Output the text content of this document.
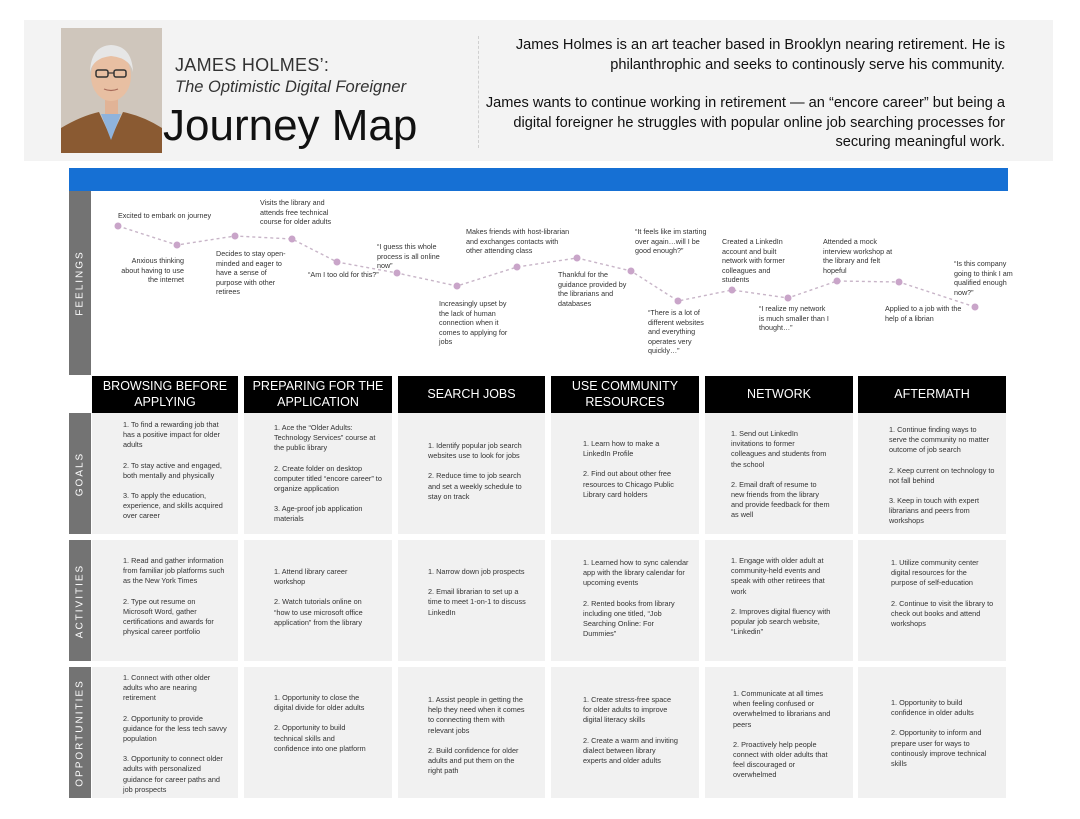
JAMES HOLMES’:
The Optimistic Digital Foreigner
Journey Map

James Holmes is an art teacher based in Brooklyn nearing retirement. He is philanthrophic and seeks to continously serve his community.

James wants to continue working in retirement — an “encore career” but being a digital foreigner he struggles with popular online job searching processes for securing meaningful work.

FEELINGS
GOALS
ACTIVITIES
OPPORTUNITIES
Excited to embark on journey
Anxious thinking about having to use the internet
Decides to stay open-minded and eager to have a sense of purpose with other retirees
Visits the library and attends free technical course for older adults
“Am I too old for this?”
“I guess this whole process is all online now”
Increasingly upset by the lack of human connection when it comes to applying for jobs
Makes friends with host-librarian and exchanges contacts with other attending class
Thankful for the guidance provided by the librarians and databases
“It feels like im starting over again…will I be good enough?”
“There is a lot of different websites and everything operates very quickly…”
Created a LinkedIn account and built network with former colleagues and students
“I realize my network is much smaller than I thought…”
Attended a mock interview workshop at the library and felt hopeful
Applied to a job with the help of a librian
“Is this company going to think I am qualified enough now?”
BROWSING BEFORE APPLYING
PREPARING FOR THE APPLICATION
SEARCH JOBS
USE COMMUNITY RESOURCES
NETWORK	AFTERMATH

1. To find a rewarding job that has a positive impact for older adults

2. To stay active and engaged, both mentally and physically

3. To apply the education, experience, and skills acquired over career

1. Ace the “Older Adults: Technology Services” course at the public library

2. Create folder on desktop computer titled “encore career” to organize application

3. Age-proof job application materials

1. Identify popular job search websites use to look for jobs

2. Reduce time to job search and set a weekly schedule to stay on track

1. Learn how to make a LinkedIn Profile

2. Find out about other free resources to Chicago Public Library card holders

1. Send out LinkedIn invitations to former colleagues and students from the school

2. Email draft of resume to new friends from the library and provide feedback for them as well

1. Continue finding ways to serve the community no matter outcome of job search

2. Keep current on technology to not fall behind

3. Keep in touch with expert librarians and peers from workshops

1. Read and gather information from familiar job platforms such as the New York Times

2. Type out resume on Microsoft Word, gather certifications and awards for physical career portfolio

1. Attend library career workshop

2. Watch tutorials online on “how to use microsoft office application” from the library

1. Narrow down job prospects

2. Email librarian to set up a time to meet 1-on-1 to discuss LinkedIn

1. Learned how to sync calendar app with the library calendar for upcoming events

2. Rented books from library including one titled, “Job Searching Online: For Dummies”

1. Engage with older adult at community-held events and speak with other retirees that work

2. Improves digital fluency with popular job search website, “Linkedin”

1. Utilize community center digital resources for the purpose of self-education

2. Continue to visit the library to check out books and attend workshops

1. Connect with other older adults who are nearing retirement

2. Opportunity to provide guidance for the less tech savvy population

3. Opportunity to connect older adults with personalized guidance for career paths and job prospects

1. Opportunity to close the digital divide for older adults

2. Opportunity to build technical skills and confidence into one platform

1. Assist people in getting the help they need when it comes to connecting them with relevant jobs

2. Build confidence for older adults and put them on the right path

1. Create stress-free space for older adults to improve digital literacy skills

2. Create a warm and inviting dialect between library experts and older adults

1. Communicate at all times when feeling confused or overwhelmed to librarians and peers

2. Proactively help people connect with older adults that feel discouraged or overwhelmed

1. Opportunity to build confidence in older adults

2. Opportunity to inform and prepare user for ways to continously improve technical skills
